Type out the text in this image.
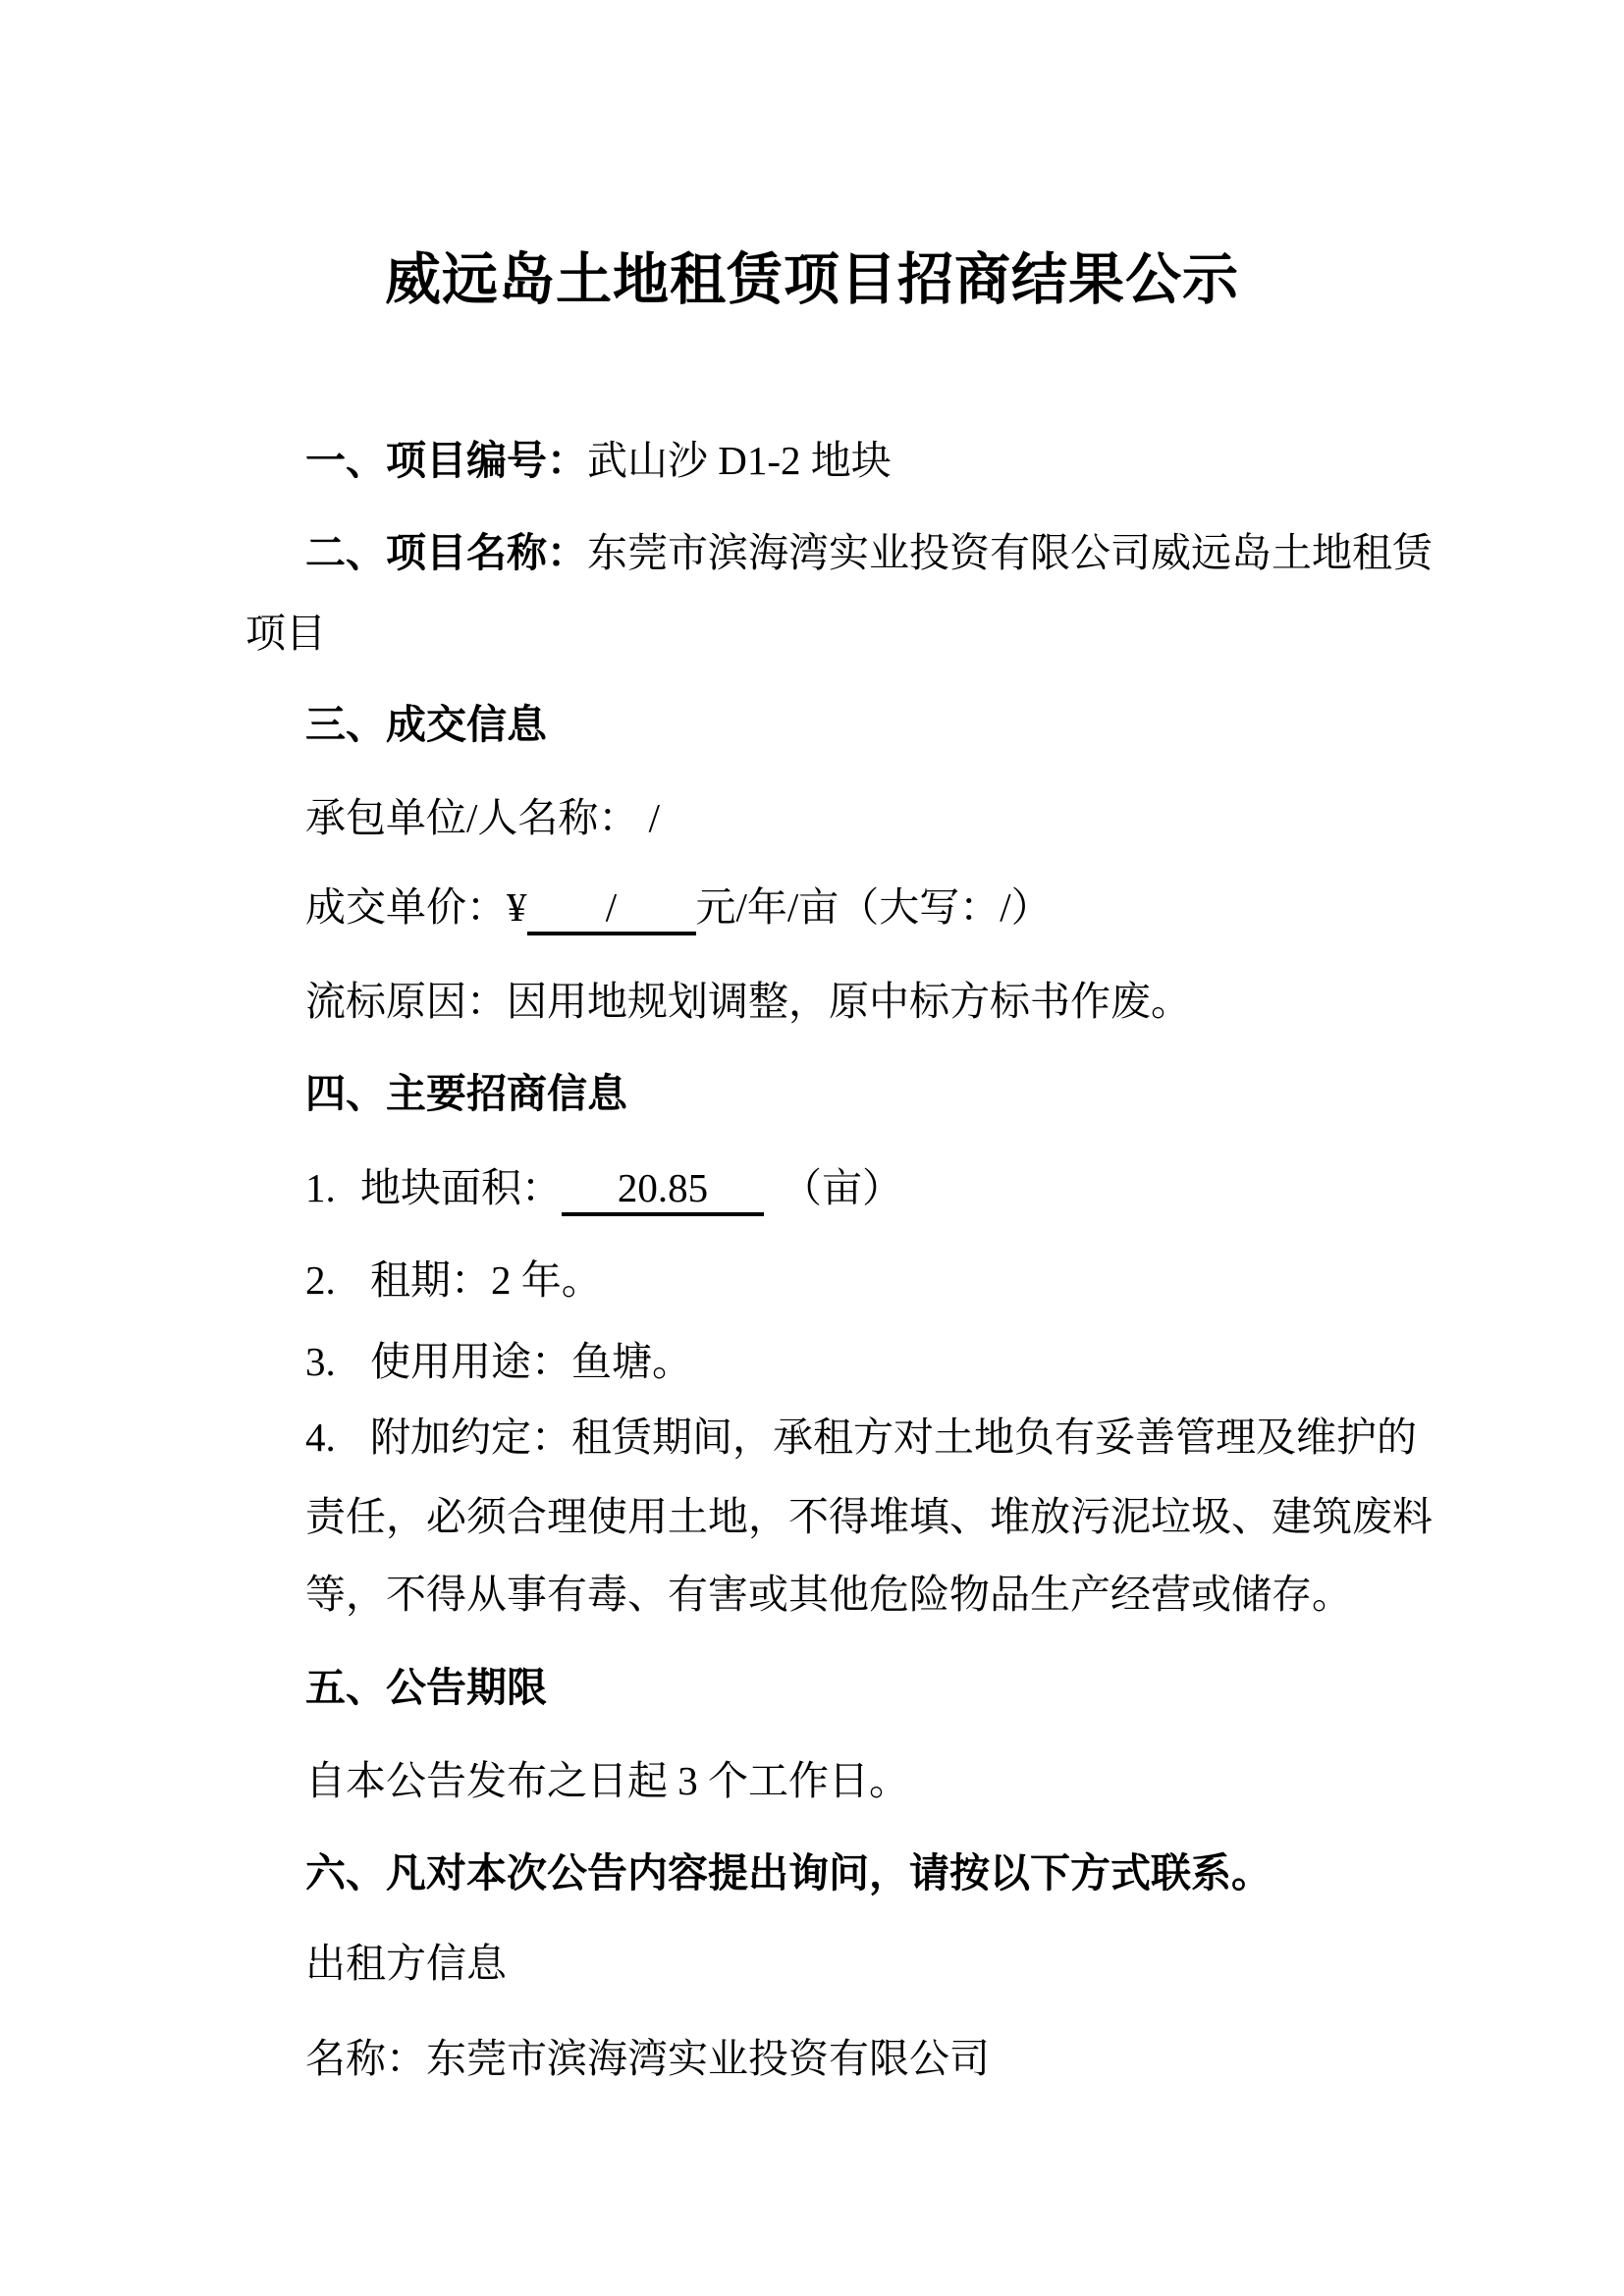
威远岛土地租赁项目招商结果公示
一、项目编号：武山沙 D1-2 地块
二、项目名称：东莞市滨海湾实业投资有限公司威远岛土地租赁
项目
三、成交信息
承包单位/人名称： /
成交单价：¥ / 元/年/亩（大写：/）
流标原因：因用地规划调整，原中标方标书作废。
四、主要招商信息
1. 地块面积： 20.85 （亩）
2. 租期：2 年。
3. 使用用途：鱼塘。
4. 附加约定：租赁期间，承租方对土地负有妥善管理及维护的
责任，必须合理使用土地，不得堆填、堆放污泥垃圾、建筑废料
等，不得从事有毒、有害或其他危险物品生产经营或储存。
五、公告期限
自本公告发布之日起 3 个工作日。
六、凡对本次公告内容提出询问，请按以下方式联系。
出租方信息
名称：东莞市滨海湾实业投资有限公司
